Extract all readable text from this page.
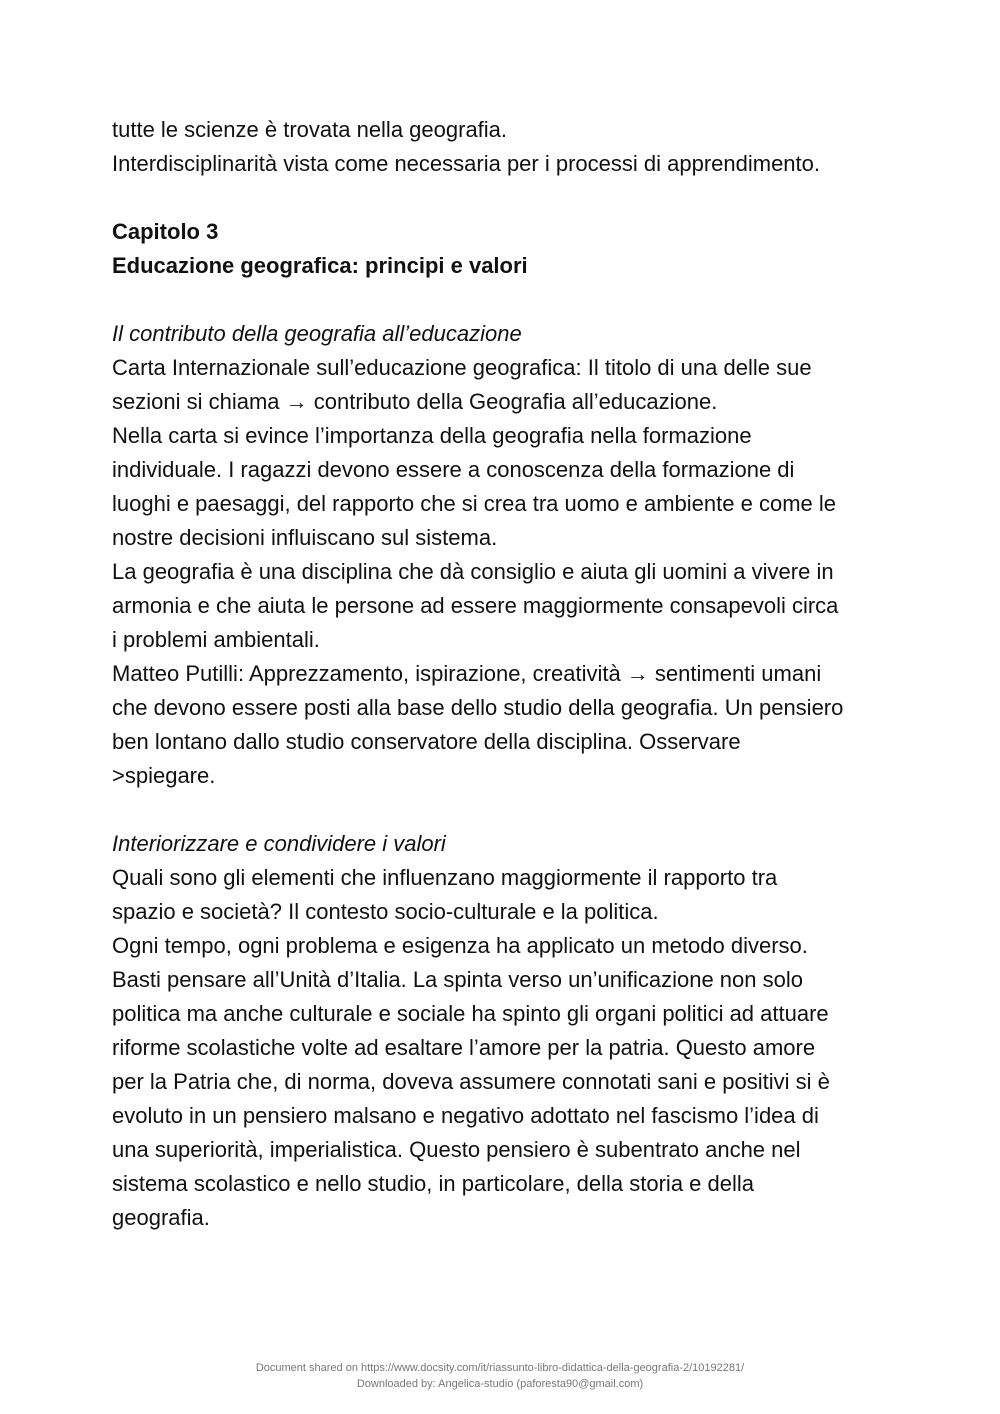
tutte le scienze è trovata nella geografia.
Interdisciplinarità vista come necessaria per i processi di apprendimento.
Capitolo 3
Educazione geografica: principi e valori
Il contributo della geografia all’educazione
Carta Internazionale sull’educazione geografica: Il titolo di una delle sue
sezioni si chiama → contributo della Geografia all’educazione.
Nella carta si evince l’importanza della geografia nella formazione
individuale. I ragazzi devono essere a conoscenza della formazione di
luoghi e paesaggi, del rapporto che si crea tra uomo e ambiente e come le
nostre decisioni influiscano sul sistema.
La geografia è una disciplina che dà consiglio e aiuta gli uomini a vivere in
armonia e che aiuta le persone ad essere maggiormente consapevoli circa
i problemi ambientali.
Matteo Putilli: Apprezzamento, ispirazione, creatività → sentimenti umani
che devono essere posti alla base dello studio della geografia. Un pensiero
ben lontano dallo studio conservatore della disciplina. Osservare
>spiegare.
Interiorizzare e condividere i valori
Quali sono gli elementi che influenzano maggiormente il rapporto tra
spazio e società? Il contesto socio-culturale e la politica.
Ogni tempo, ogni problema e esigenza ha applicato un metodo diverso.
Basti pensare all’Unità d’Italia. La spinta verso un’unificazione non solo
politica ma anche culturale e sociale ha spinto gli organi politici ad attuare
riforme scolastiche volte ad esaltare l’amore per la patria. Questo amore
per la Patria che, di norma, doveva assumere connotati sani e positivi si è
evoluto in un pensiero malsano e negativo adottato nel fascismo l’idea di
una superiorità, imperialistica. Questo pensiero è subentrato anche nel
sistema scolastico e nello studio, in particolare, della storia e della
geografia.
Document shared on https://www.docsity.com/it/riassunto-libro-didattica-della-geografia-2/10192281/
Downloaded by: Angelica-studio (paforesta90@gmail.com)
